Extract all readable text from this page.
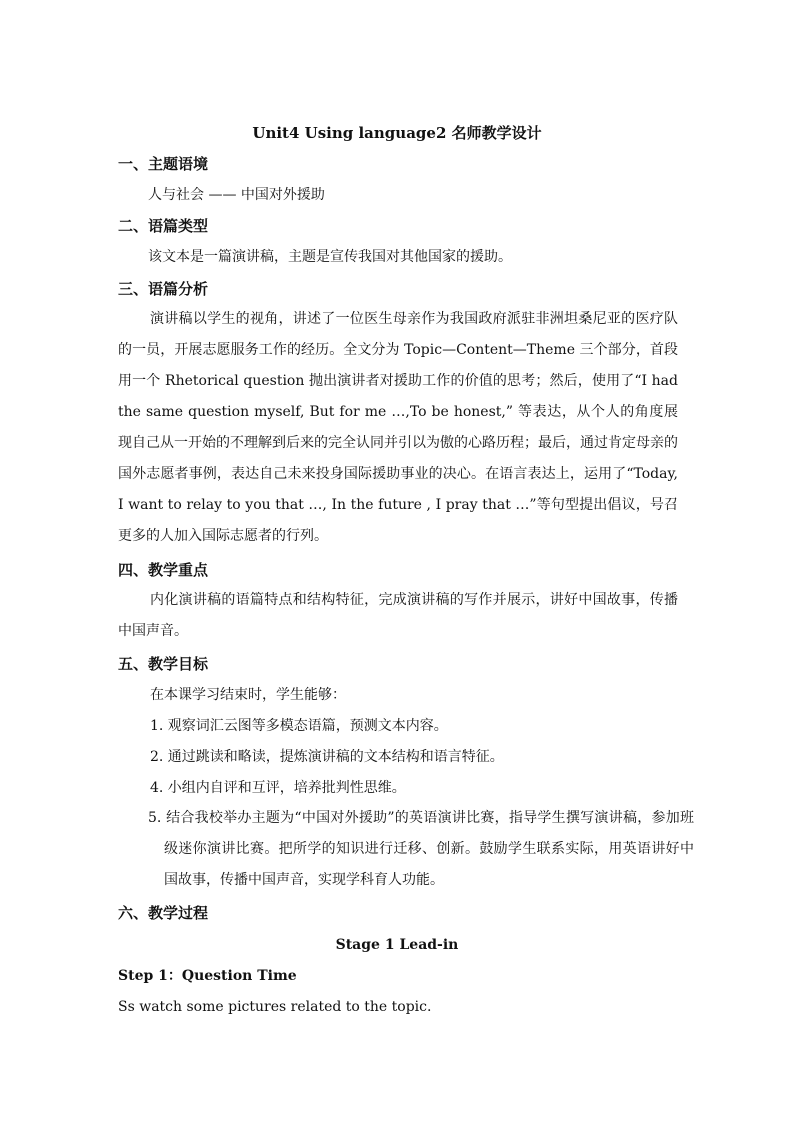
Unit4 Using language2 名师教学设计
一、主题语境
人与社会 —— 中国对外援助
二、语篇类型
该文本是一篇演讲稿，主题是宣传我国对其他国家的援助。
三、语篇分析
演讲稿以学生的视角，讲述了一位医生母亲作为我国政府派驻非洲坦桑尼亚的医疗队的一员，开展志愿服务工作的经历。全文分为 Topic—Content—Theme 三个部分，首段用一个 Rhetorical question 抛出演讲者对援助工作的价值的思考；然后，使用了“I had the same question myself, But for me …,To be honest,” 等表达，从个人的角度展现自己从一开始的不理解到后来的完全认同并引以为傲的心路历程；最后，通过肯定母亲的国外志愿者事例，表达自己未来投身国际援助事业的决心。在语言表达上，运用了“Today, I want to relay to you that …, In the future , I pray that …”等句型提出倡议，号召更多的人加入国际志愿者的行列。
四、教学重点
内化演讲稿的语篇特点和结构特征，完成演讲稿的写作并展示，讲好中国故事，传播中国声音。
五、教学目标
在本课学习结束时，学生能够：
1. 观察词汇云图等多模态语篇，预测文本内容。
2. 通过跳读和略读，提炼演讲稿的文本结构和语言特征。
4. 小组内自评和互评，培养批判性思维。
5. 结合我校举办主题为“中国对外援助”的英语演讲比赛，指导学生撰写演讲稿，参加班级迷你演讲比赛。把所学的知识进行迁移、创新。鼓励学生联系实际，用英语讲好中国故事，传播中国声音，实现学科育人功能。
六、教学过程
Stage 1 Lead-in
Step 1：Question Time
Ss watch some pictures related to the topic.
